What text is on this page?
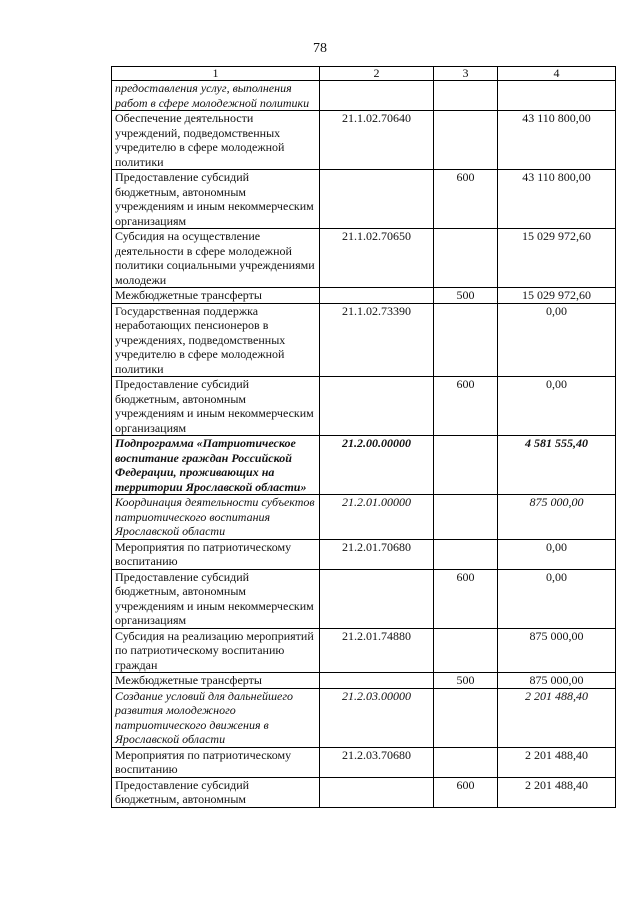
78
1	2	3	4
предоставления услуг, выполнения работ в сфере молодежной политики			
Обеспечение деятельности учреждений, подведомственных учредителю в сфере молодежной политики	21.1.02.70640		43 110 800,00
Предоставление субсидий бюджетным, автономным учреждениям и иным некоммерческим организациям		600	43 110 800,00
Субсидия на осуществление деятельности в сфере молодежной политики социальными учреждениями молодежи	21.1.02.70650		15 029 972,60
Межбюджетные трансферты		500	15 029 972,60
Государственная поддержка неработающих пенсионеров в учреждениях, подведомственных учредителю в сфере молодежной политики	21.1.02.73390		0,00
Предоставление субсидий бюджетным, автономным учреждениям и иным некоммерческим организациям		600	0,00
Подпрограмма «Патриотическое воспитание граждан Российской Федерации, проживающих на территории Ярославской области»	21.2.00.00000		4 581 555,40
Координация деятельности субъектов патриотического воспитания Ярославской области	21.2.01.00000		875 000,00
Мероприятия по патриотическому воспитанию	21.2.01.70680		0,00
Предоставление субсидий бюджетным, автономным учреждениям и иным некоммерческим организациям		600	0,00
Субсидия на реализацию мероприятий по патриотическому воспитанию граждан	21.2.01.74880		875 000,00
Межбюджетные трансферты		500	875 000,00
Создание условий для дальнейшего развития молодежного патриотического движения в Ярославской области	21.2.03.00000		2 201 488,40
Мероприятия по патриотическому воспитанию	21.2.03.70680		2 201 488,40
Предоставление субсидий бюджетным, автономным		600	2 201 488,40
